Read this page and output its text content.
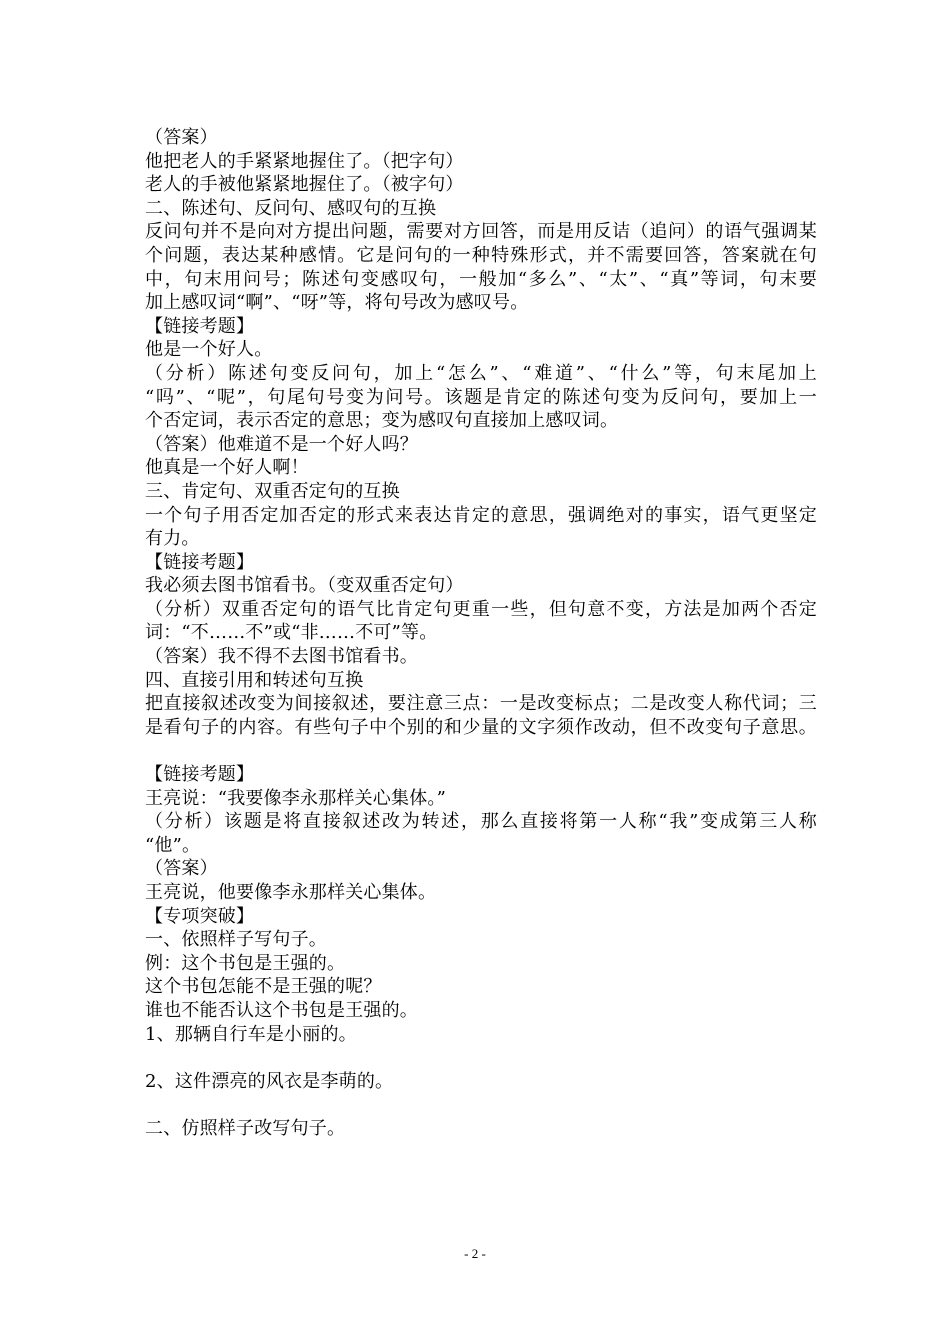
（答案）
他把老人的手紧紧地握住了。（把字句）
老人的手被他紧紧地握住了。（被字句）
二、陈述句、反问句、感叹句的互换
反问句并不是向对方提出问题，需要对方回答，而是用反诘（追问）的语气强调某
个问题，表达某种感情。它是问句的一种特殊形式，并不需要回答，答案就在句
中，句末用问号；陈述句变感叹句，一般加“多么”、“太”、“真”等词，句末要
加上感叹词“啊”、“呀”等，将句号改为感叹号。
【链接考题】
他是一个好人。
（分析）陈述句变反问句，加上“怎么”、“难道”、“什么”等，句末尾加上
“吗”、“呢”，句尾句号变为问号。该题是肯定的陈述句变为反问句，要加上一
个否定词，表示否定的意思；变为感叹句直接加上感叹词。
（答案）他难道不是一个好人吗？
他真是一个好人啊！
三、肯定句、双重否定句的互换
一个句子用否定加否定的形式来表达肯定的意思，强调绝对的事实，语气更坚定
有力。
【链接考题】
我必须去图书馆看书。（变双重否定句）
（分析）双重否定句的语气比肯定句更重一些，但句意不变，方法是加两个否定
词：“不……不”或“非……不可”等。
（答案）我不得不去图书馆看书。
四、直接引用和转述句互换
把直接叙述改变为间接叙述，要注意三点：一是改变标点；二是改变人称代词；三
是看句子的内容。有些句子中个别的和少量的文字须作改动，但不改变句子意思。
【链接考题】
王亮说：“我要像李永那样关心集体。”
（分析）该题是将直接叙述改为转述，那么直接将第一人称“我”变成第三人称
“他”。
（答案）
王亮说，他要像李永那样关心集体。
【专项突破】
一、依照样子写句子。
例：这个书包是王强的。
这个书包怎能不是王强的呢？
谁也不能否认这个书包是王强的。
1、那辆自行车是小丽的。
2、这件漂亮的风衣是李萌的。
二、仿照样子改写句子。
- 2 -
